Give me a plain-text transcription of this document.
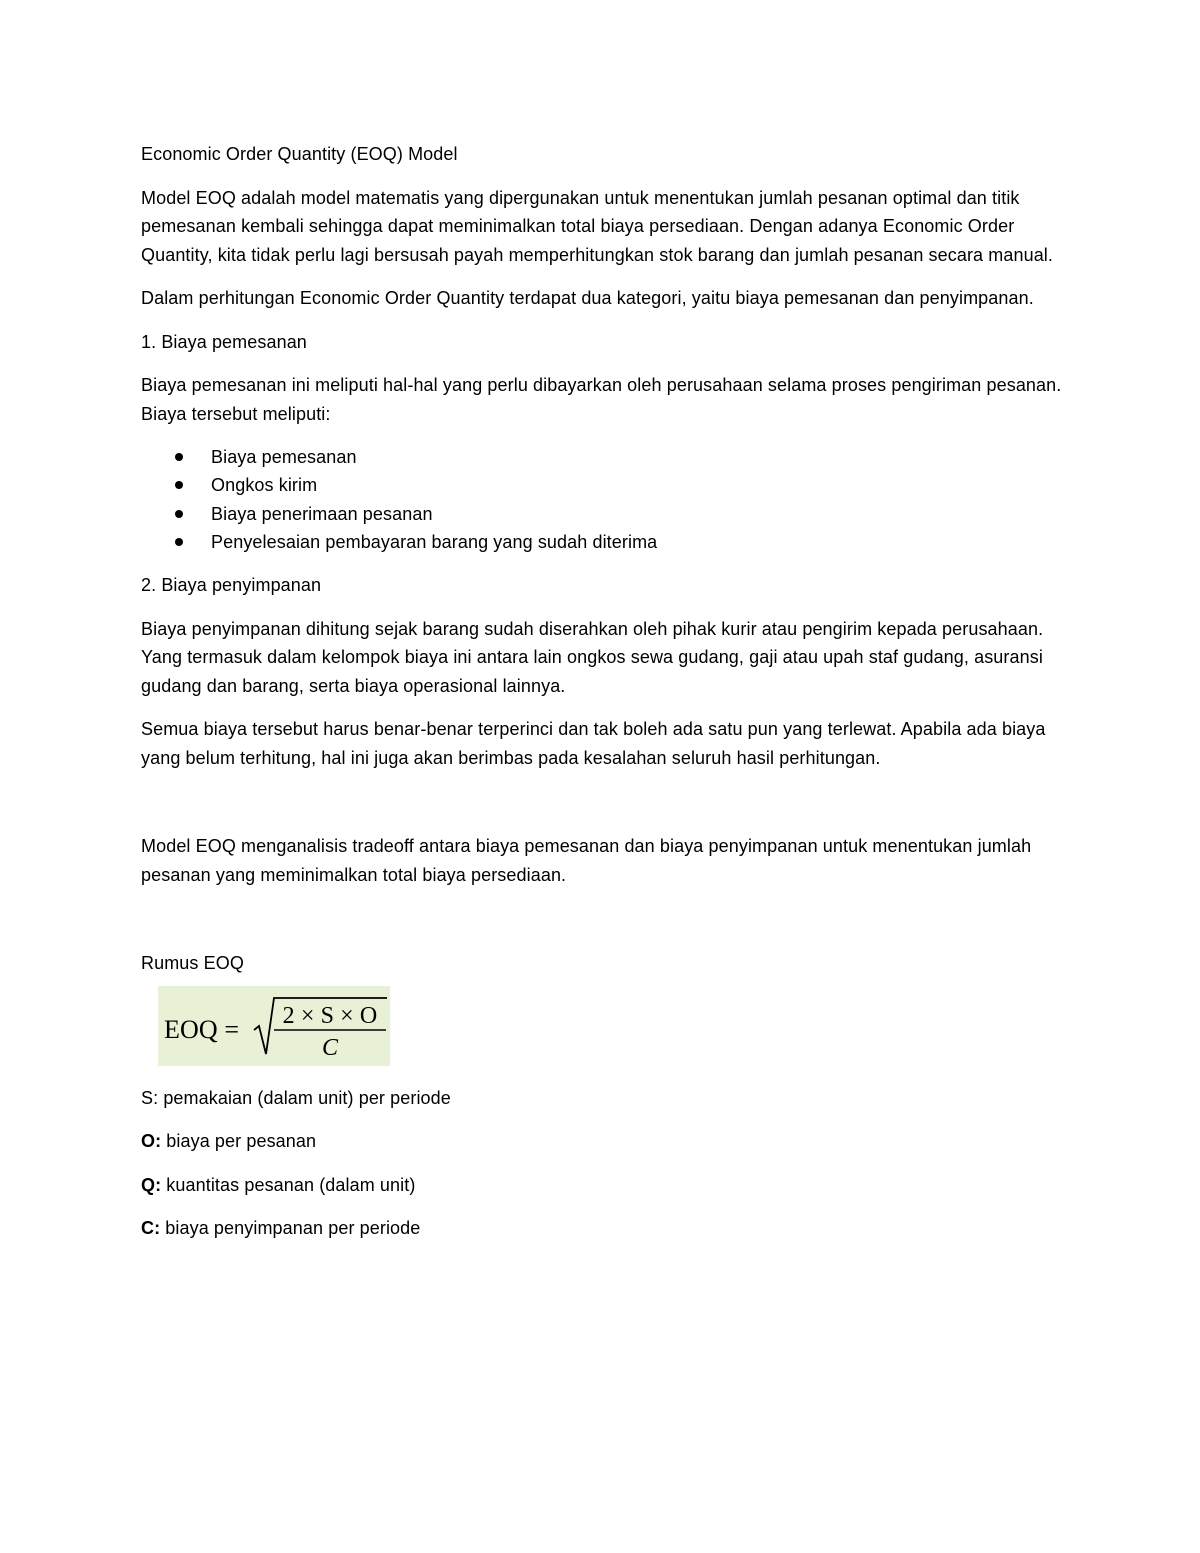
Economic Order Quantity (EOQ) Model

Model EOQ adalah model matematis yang dipergunakan untuk menentukan jumlah pesanan optimal dan titik pemesanan kembali sehingga dapat meminimalkan total biaya persediaan. Dengan adanya Economic Order Quantity, kita tidak perlu lagi bersusah payah memperhitungkan stok barang dan jumlah pesanan secara manual.

Dalam perhitungan Economic Order Quantity terdapat dua kategori, yaitu biaya pemesanan dan penyimpanan.

1. Biaya pemesanan

Biaya pemesanan ini meliputi hal-hal yang perlu dibayarkan oleh perusahaan selama proses pengiriman pesanan. Biaya tersebut meliputi:

Biaya pemesanan
Ongkos kirim
Biaya penerimaan pesanan
Penyelesaian pembayaran barang yang sudah diterima

2. Biaya penyimpanan

Biaya penyimpanan dihitung sejak barang sudah diserahkan oleh pihak kurir atau pengirim kepada perusahaan. Yang termasuk dalam kelompok biaya ini antara lain ongkos sewa gudang, gaji atau upah staf gudang, asuransi gudang dan barang, serta biaya operasional lainnya.

Semua biaya tersebut harus benar-benar terperinci dan tak boleh ada satu pun yang terlewat. Apabila ada biaya yang belum terhitung, hal ini juga akan berimbas pada kesalahan seluruh hasil perhitungan.

Model EOQ menganalisis tradeoff antara biaya pemesanan dan biaya penyimpanan untuk menentukan jumlah pesanan yang meminimalkan total biaya persediaan.

Rumus EOQ

EOQ = 2 × S × O
C

S: pemakaian (dalam unit) per periode

O: biaya per pesanan

Q: kuantitas pesanan (dalam unit)

C: biaya penyimpanan per periode
